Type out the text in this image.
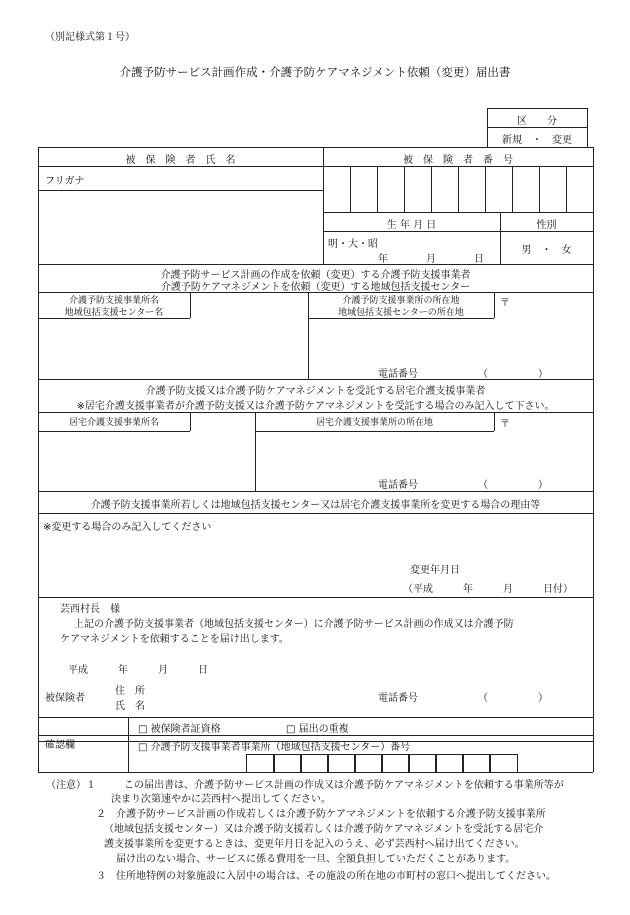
（別記様式第１号）
介護予防サービス計画作成・介護予防ケアマネジメント依頼（変更）届出書
区　　分
新規　・　変更
被　保　険　者　氏　名	被　保　険　者　番　号
フリガナ
生 年 月 日	性別
明・大・昭
年	月	日
男　・　女
介護予防サービス計画の作成を依頼（変更）する介護予防支援事業者
介護予防ケアマネジメントを依頼（変更）する地域包括支援センター
介護予防支援事業所名
地域包括支援センター名
介護予防支援事業所の所在地
地域包括支援センターの所在地
〒
電話番号	（　　　　　）
介護予防支援又は介護予防ケアマネジメントを受託する居宅介護支援事業者
※居宅介護支援事業者が介護予防支援又は介護予防ケアマネジメントを受託する場合のみ記入して下さい。
居宅介護支援事業所名	居宅介護支援事業所の所在地	〒
電話番号	（　　　　　）
介護予防支援事業所若しくは地域包括支援センター又は居宅介護支援事業所を変更する場合の理由等
※変更する場合のみ記入してください
変更年月日
（平成　　　年　　　月　　　日付）
芸西村長　様
上記の介護予防支援事業者（地域包括支援センター）に介護予防サービス計画の作成又は介護予防
ケアマネジメントを依頼することを届け出します。
平成　　　年　　　月　　　日
被保険者
住　所
氏　名
電話番号	（　　　　　）
確認欄
□ 被保険者証資格	□ 届出の重複
□ 介護予防支援事業者事業所（地域包括支援センター）番号
（注意）１	この届出書は、介護予防サービス計画の作成又は介護予防ケアマネジメントを依頼する事業所等が
決まり次第速やかに芸西村へ提出してください。
２ 介護予防サービス計画の作成若しくは介護予防ケアマネジメントを依頼する介護予防支援事業所
（地域包括支援センター）又は介護予防支援若しくは介護予防ケアマネジメントを受託する居宅介
護支援事業所を変更するときは、変更年月日を記入のうえ、必ず芸西村へ届け出てください。
届け出のない場合、サービスに係る費用を一旦、全額負担していただくことがあります。
３ 住所地特例の対象施設に入居中の場合は、その施設の所在地の市町村の窓口へ提出してください。
